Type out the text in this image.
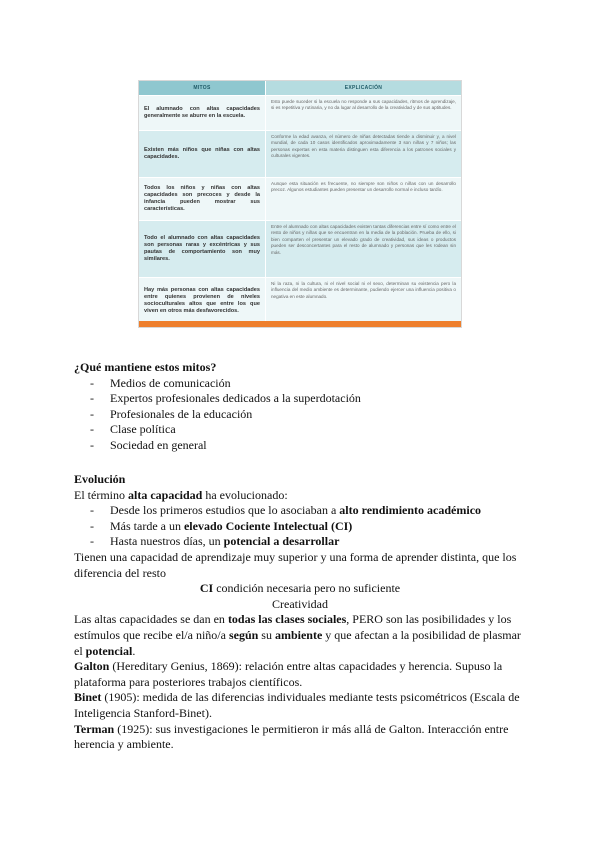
MITOS	EXPLICACIÓN
El alumnado con altas capacidades generalmente se aburre en la escuela.
Esto puede suceder si la escuela no responde a sus capacidades, ritmos de aprendizaje, si es repetitiva y rutinaria, y no da lugar al desarrollo de la creatividad y de sus aptitudes.
Existen más niños que niñas con altas capacidades.
Conforme la edad avanza, el número de niñas detectadas tiende a disminuir y, a nivel mundial, de cada 10 casos identificados aproximadamente 3 son niñas y 7 niños; las personas expertas en esta materia distinguen esta diferencia a los patrones sociales y culturales vigentes.
Todos los niños y niñas con altas capacidades son precoces y desde la infancia pueden mostrar sus características.
Aunque esta situación es frecuente, no siempre son niños o niñas con un desarrollo precoz. Algunos estudiantes pueden presentar un desarrollo normal e incluso tardío.
Todo el alumnado con altas capacidades son personas raras y excéntricas y sus pautas de comportamiento son muy similares.
Entre el alumnado con altas capacidades existen tantas diferencias entre sí como entre el resto de niños y niñas que se encuentran en la media de la población. Prueba de ello, si bien comparten el presentar un elevado grado de creatividad, sus ideas o productos pueden ser desconcertantes para el resto de alumnado y personas que les rodean sin más.
Hay más personas con altas capacidades entre quienes provienen de niveles socioculturales altos que entre los que viven en otros más desfavorecidos.
Ni la raza, ni la cultura, ni el nivel social ni el sexo, determinan su existencia pero la influencia del medio ambiente es determinante, pudiendo ejercer una influencia positiva o negativa en este alumnado.
¿Qué mantiene estos mitos?
- Medios de comunicación
- Expertos profesionales dedicados a la superdotación
- Profesionales de la educación
- Clase política
- Sociedad en general
Evolución
El término alta capacidad ha evolucionado:
- Desde los primeros estudios que lo asociaban a alto rendimiento académico
- Más tarde a un elevado Cociente Intelectual (CI)
- Hasta nuestros días, un potencial a desarrollar
Tienen una capacidad de aprendizaje muy superior y una forma de aprender distinta, que los diferencia del resto
CI condición necesaria pero no suficiente
Creatividad
Las altas capacidades se dan en todas las clases sociales, PERO son las posibilidades y los estímulos que recibe el/a niño/a según su ambiente y que afectan a la posibilidad de plasmar el potencial.
Galton (Hereditary Genius, 1869): relación entre altas capacidades y herencia. Supuso la plataforma para posteriores trabajos científicos.
Binet (1905): medida de las diferencias individuales mediante tests psicométricos (Escala de Inteligencia Stanford-Binet).
Terman (1925): sus investigaciones le permitieron ir más allá de Galton. Interacción entre herencia y ambiente.
